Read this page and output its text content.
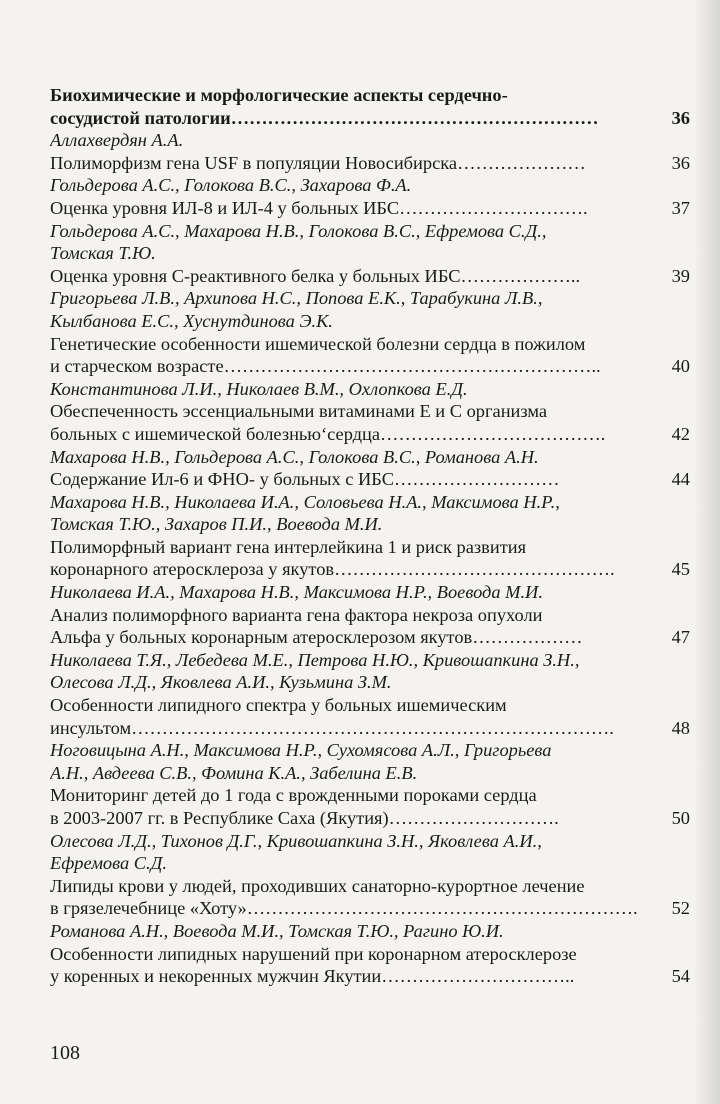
Биохимические и морфологические аспекты сердечно-
сосудистой патологии ……………………………………………………	36
Аллахвердян А.А.
Полиморфизм гена USF в популяции Новосибирска …………………	36
Гольдерова А.С., Голокова В.С., Захарова Ф.А.
Оценка уровня ИЛ-8 и ИЛ-4 у больных ИБС ………………………….	37
Гольдерова А.С., Махарова Н.В., Голокова В.С., Ефремова С.Д.,
Томская Т.Ю.
Оценка уровня С-реактивного белка у больных ИБС ………………..	39
Григорьева Л.В., Архипова Н.С., Попова Е.К., Тарабукина Л.В.,
Кылбанова Е.С., Хуснутдинова Э.К.
Генетические особенности ишемической болезни сердца в пожилом
и старческом возрасте ……………………………………………………..	40
Константинова Л.И., Николаев В.М., Охлопкова Е.Д.
Обеспеченность эссенциальными витаминами Е и С организма
больных с ишемической болезнью‘сердца ……………………………….	42
Махарова Н.В., Гольдерова А.С., Голокова В.С., Романова А.Н.
Содержание Ил-6 и ФНО- у больных с ИБС ………………………	44
Махарова Н.В., Николаева И.А., Соловьева Н.А., Максимова Н.Р.,
Томская Т.Ю., Захаров П.И., Воевода М.И.
Полиморфный вариант гена интерлейкина 1 и риск развития
коронарного атеросклероза у якутов ……………………………………….	45
Николаева И.А., Махарова Н.В., Максимова Н.Р., Воевода М.И.
Анализ полиморфного варианта гена фактора некроза опухоли
Альфа у больных коронарным атеросклерозом якутов ………………	47
Николаева Т.Я., Лебедева М.Е., Петрова Н.Ю., Кривошапкина З.Н.,
Олесова Л.Д., Яковлева А.И., Кузьмина З.М.
Особенности липидного спектра у больных ишемическим
инсультом …………………………………………………………………….	48
Ноговицына А.Н., Максимова Н.Р., Сухомясова А.Л., Григорьева
А.Н., Авдеева С.В., Фомина К.А., Забелина Е.В.
Мониторинг детей до 1 года с врожденными пороками сердца
в 2003-2007 гг. в Республике Саха (Якутия) ……………………….	50
Олесова Л.Д., Тихонов Д.Г., Кривошапкина З.Н., Яковлева А.И.,
Ефремова С.Д.
Липиды крови у людей, проходивших санаторно-курортное лечение
в грязелечебнице «Хоту» ……………………………………………………….	52
Романова А.Н., Воевода М.И., Томская Т.Ю., Рагино Ю.И.
Особенности липидных нарушений при коронарном атеросклерозе
у коренных и некоренных мужчин Якутии …………………………..	54
108
